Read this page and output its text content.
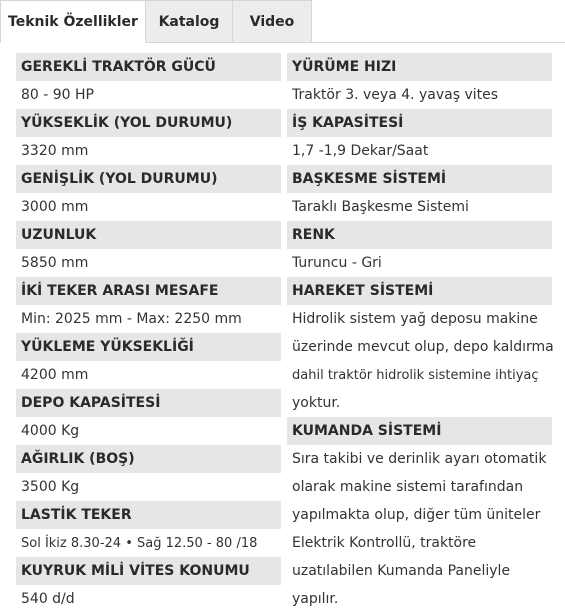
Teknik Özellikler	Katalog	Video
GEREKLİ TRAKTÖR GÜCÜ
80 - 90 HP
YÜKSEKLİK (YOL DURUMU)
3320 mm
GENİŞLİK (YOL DURUMU)
3000 mm
UZUNLUK
5850 mm
İKİ TEKER ARASI MESAFE
Min: 2025 mm - Max: 2250 mm
YÜKLEME YÜKSEKLİĞİ
4200 mm
DEPO KAPASİTESİ
4000 Kg
AĞIRLIK (BOŞ)
3500 Kg
LASTİK TEKER
Sol İkiz 8.30-24 • Sağ 12.50 - 80 /18
KUYRUK MİLİ VİTES KONUMU
540 d/d
YÜRÜME HIZI
Traktör 3. veya 4. yavaş vites
İŞ KAPASİTESİ
1,7 -1,9 Dekar/Saat
BAŞKESME SİSTEMİ
Taraklı Başkesme Sistemi
RENK
Turuncu - Gri
HAREKET SİSTEMİ
Hidrolik sistem yağ deposu makine
üzerinde mevcut olup, depo kaldırma
dahil traktör hidrolik sistemine ihtiyaç
yoktur.
KUMANDA SİSTEMİ
Sıra takibi ve derinlik ayarı otomatik
olarak makine sistemi tarafından
yapılmakta olup, diğer tüm üniteler
Elektrik Kontrollü, traktöre
uzatılabilen Kumanda Paneliyle
yapılır.
